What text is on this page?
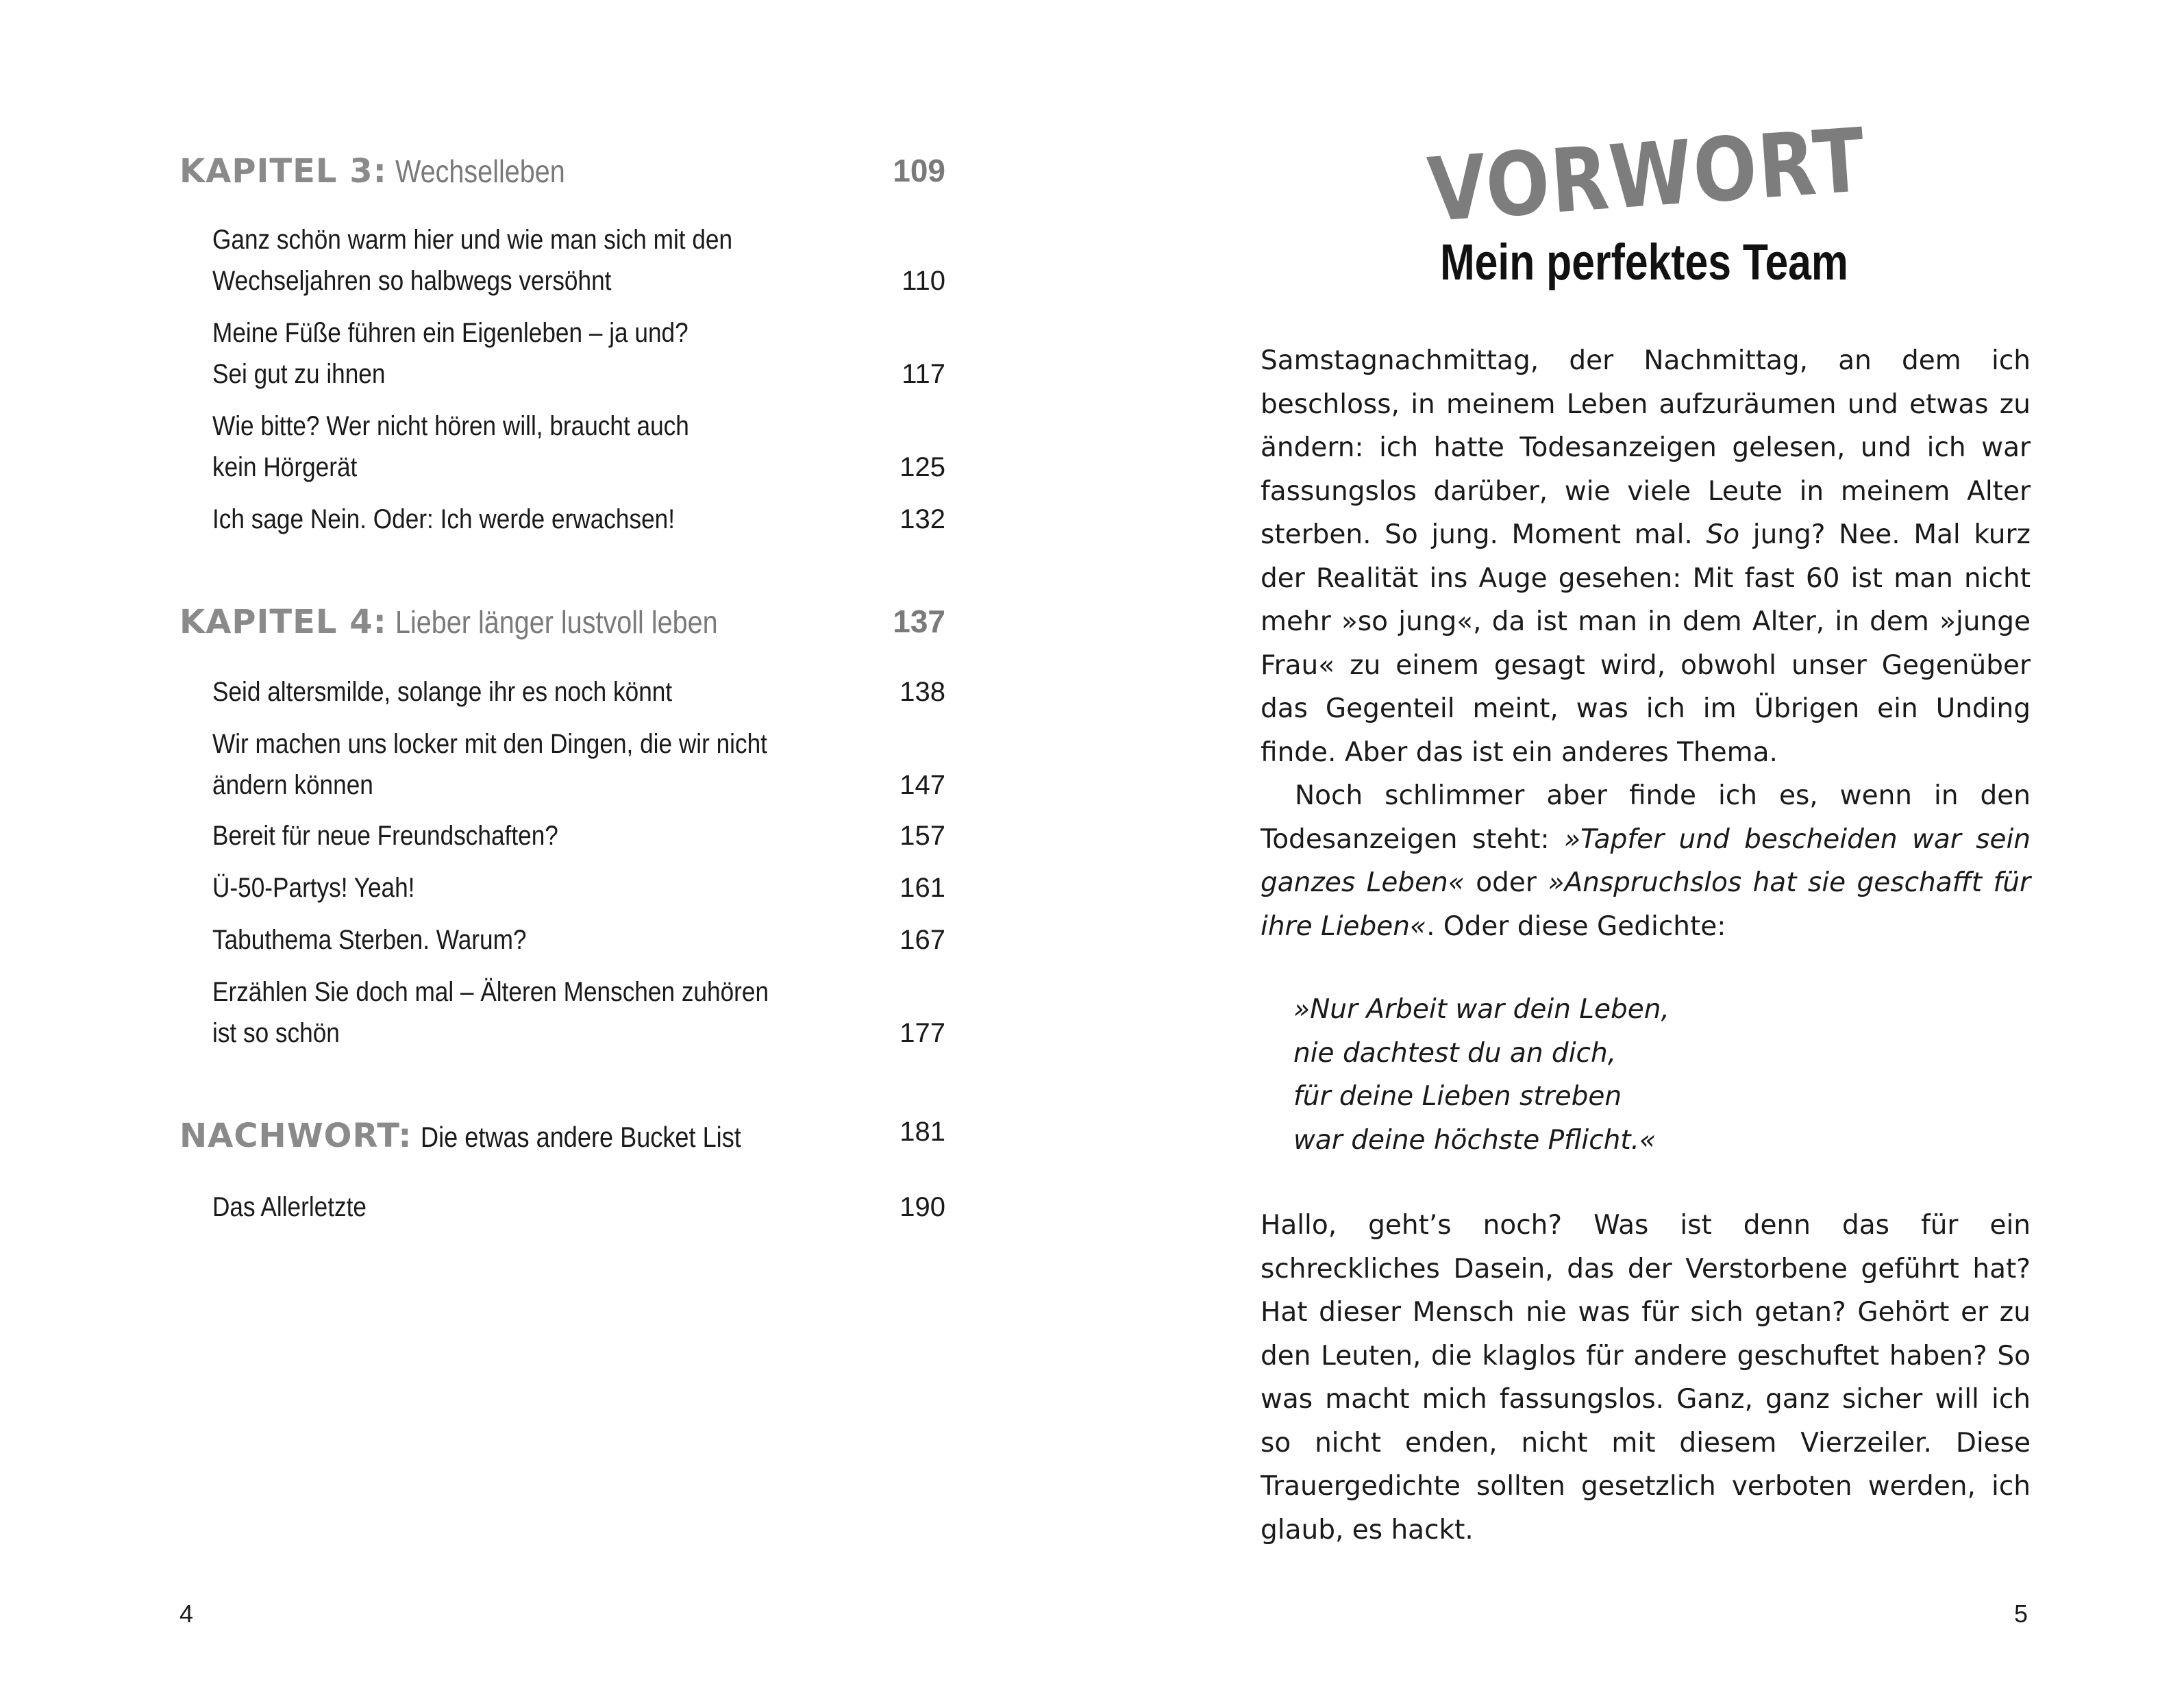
KAPITEL 3: Wechselleben	109
Ganz schön warm hier und wie man sich mit den
Wechseljahren so halbwegs versöhnt	110
Meine Füße führen ein Eigenleben – ja und?
Sei gut zu ihnen	117
Wie bitte? Wer nicht hören will, braucht auch
kein Hörgerät	125
Ich sage Nein. Oder: Ich werde erwachsen!	132
KAPITEL 4: Lieber länger lustvoll leben	137
Seid altersmilde, solange ihr es noch könnt	138
Wir machen uns locker mit den Dingen, die wir nicht
ändern können	147
Bereit für neue Freundschaften?	157
Ü-50-Partys! Yeah!	161
Tabuthema Sterben. Warum?	167
Erzählen Sie doch mal – Älteren Menschen zuhören
ist so schön	177
NACHWORT: Die etwas andere Bucket List	181
Das Allerletzte	190
4
VORWORT
Mein perfektes Team
Samstagnachmittag, der Nachmittag, an dem ich beschloss, in meinem Leben aufzuräumen und etwas zu ändern: ich hatte Todesanzeigen gelesen, und ich war fassungslos darüber, wie viele Leute in meinem Alter sterben. So jung. Moment mal. So jung? Nee. Mal kurz der Realität ins Auge gesehen: Mit fast 60 ist man nicht mehr »so jung«, da ist man in dem Alter, in dem »junge Frau« zu einem gesagt wird, obwohl unser Gegenüber das Gegenteil meint, was ich im Übrigen ein Unding finde. Aber das ist ein anderes Thema.
Noch schlimmer aber finde ich es, wenn in den Todesanzeigen steht: »Tapfer und bescheiden war sein ganzes Leben« oder »Anspruchslos hat sie geschafft für ihre Lieben«. Oder diese Gedichte:
»Nur Arbeit war dein Leben,
nie dachtest du an dich,
für deine Lieben streben
war deine höchste Pflicht.«
Hallo, geht’s noch? Was ist denn das für ein schreckliches Dasein, das der Verstorbene geführt hat? Hat dieser Mensch nie was für sich getan? Gehört er zu den Leuten, die klaglos für andere geschuftet haben? So was macht mich fassungslos. Ganz, ganz sicher will ich so nicht enden, nicht mit diesem Vierzeiler. Diese Trauergedichte sollten gesetzlich verboten werden, ich glaub, es hackt.
5
